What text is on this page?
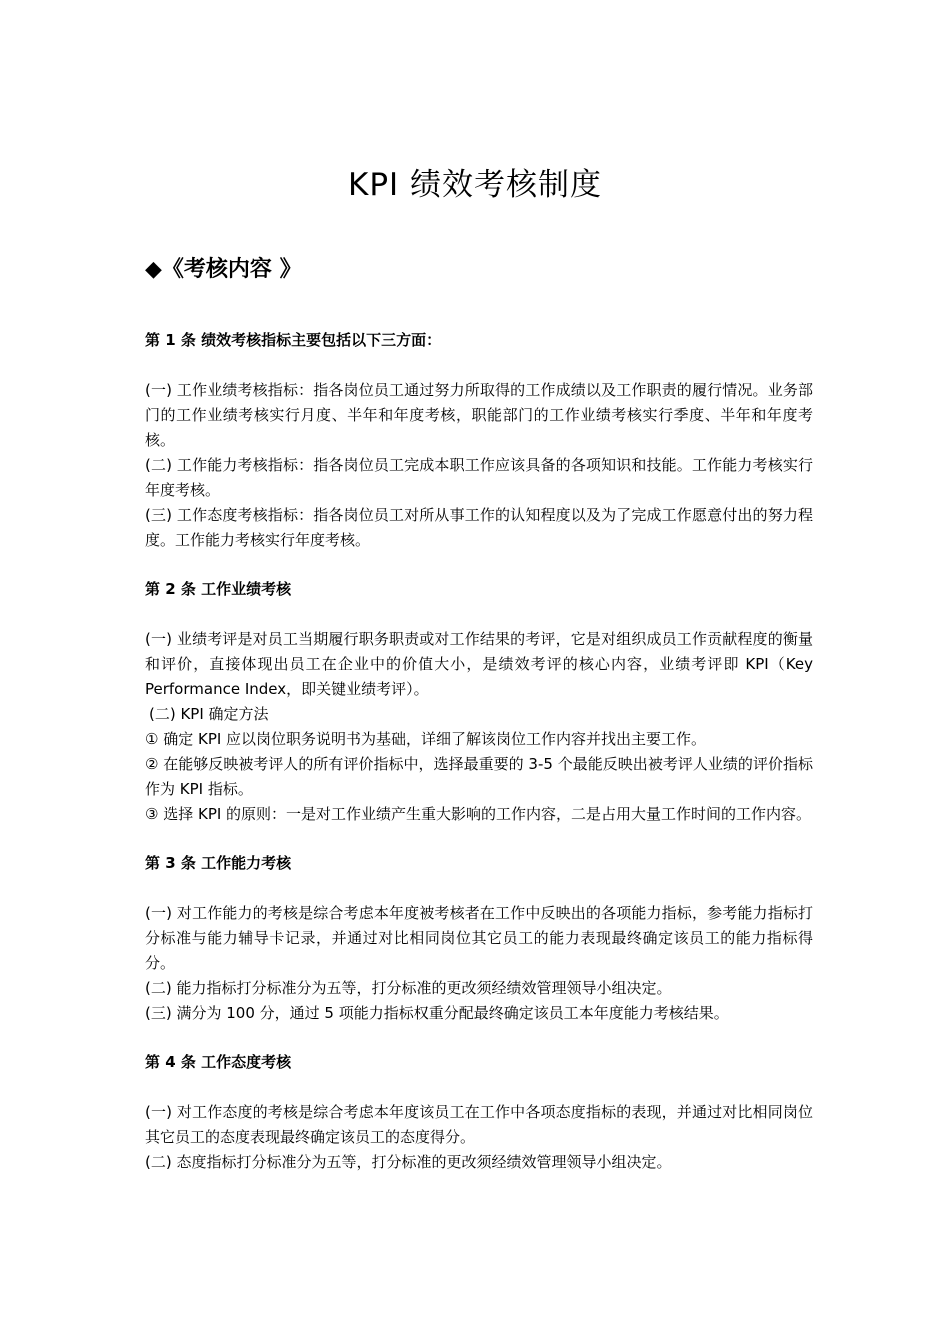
KPI 绩效考核制度
◆《考核内容 》

第 1 条 绩效考核指标主要包括以下三方面：

(一) 工作业绩考核指标：指各岗位员工通过努力所取得的工作成绩以及工作职责的履行情况。业务部门的工作业绩考核实行月度、半年和年度考核，职能部门的工作业绩考核实行季度、半年和年度考核。

(二) 工作能力考核指标：指各岗位员工完成本职工作应该具备的各项知识和技能。工作能力考核实行年度考核。

(三) 工作态度考核指标：指各岗位员工对所从事工作的认知程度以及为了完成工作愿意付出的努力程度。工作能力考核实行年度考核。

第 2 条 工作业绩考核

(一) 业绩考评是对员工当期履行职务职责或对工作结果的考评，它是对组织成员工作贡献程度的衡量和评价，直接体现出员工在企业中的价值大小，是绩效考评的核心内容，业绩考评即 KPI（Key Performance Index，即关键业绩考评）。

(二) KPI 确定方法

① 确定 KPI 应以岗位职务说明书为基础，详细了解该岗位工作内容并找出主要工作。

② 在能够反映被考评人的所有评价指标中，选择最重要的 3-5 个最能反映出被考评人业绩的评价指标作为 KPI 指标。

③ 选择 KPI 的原则：一是对工作业绩产生重大影响的工作内容，二是占用大量工作时间的工作内容。

第 3 条 工作能力考核

(一) 对工作能力的考核是综合考虑本年度被考核者在工作中反映出的各项能力指标，参考能力指标打分标准与能力辅导卡记录，并通过对比相同岗位其它员工的能力表现最终确定该员工的能力指标得分。

(二) 能力指标打分标准分为五等，打分标准的更改须经绩效管理领导小组决定。

(三) 满分为 100 分，通过 5 项能力指标权重分配最终确定该员工本年度能力考核结果。

第 4 条 工作态度考核

(一) 对工作态度的考核是综合考虑本年度该员工在工作中各项态度指标的表现，并通过对比相同岗位其它员工的态度表现最终确定该员工的态度得分。

(二) 态度指标打分标准分为五等，打分标准的更改须经绩效管理领导小组决定。
